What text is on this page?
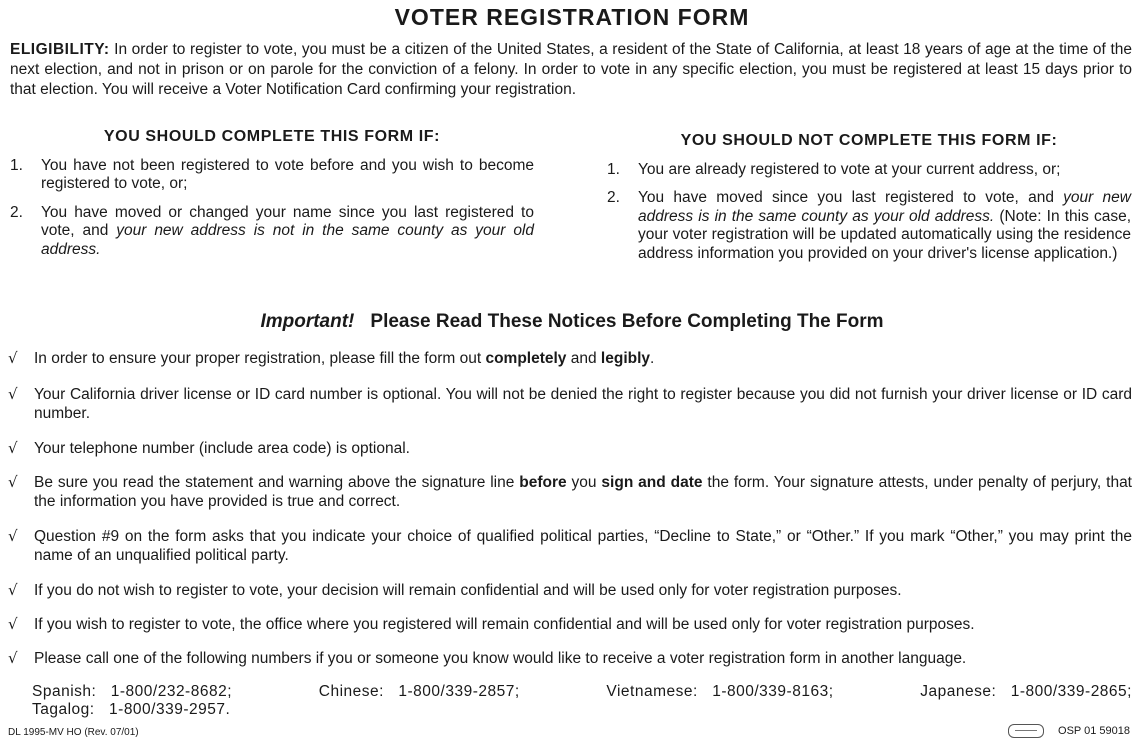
VOTER REGISTRATION FORM
ELIGIBILITY: In order to register to vote, you must be a citizen of the United States, a resident of the State of California, at least 18 years of age at the time of the next election, and not in prison or on parole for the conviction of a felony. In order to vote in any specific election, you must be registered at least 15 days prior to that election. You will receive a Voter Notification Card confirming your registration.
YOU SHOULD COMPLETE THIS FORM IF:
1.	You have not been registered to vote before and you wish to become registered to vote, or;
2.	You have moved or changed your name since you last registered to vote, and your new address is not in the same county as your old address.
YOU SHOULD NOT COMPLETE THIS FORM IF:
1.	You are already registered to vote at your current address, or;
2.	You have moved since you last registered to vote, and your new address is in the same county as your old address. (Note: In this case, your voter registration will be updated automatically using the residence address information you provided on your driver's license application.)
Important! Please Read These Notices Before Completing The Form
√	In order to ensure your proper registration, please fill the form out completely and legibly.
√	Your California driver license or ID card number is optional. You will not be denied the right to register because you did not furnish your driver license or ID card number.
√	Your telephone number (include area code) is optional.
√	Be sure you read the statement and warning above the signature line before you sign and date the form. Your signature attests, under penalty of perjury, that the information you have provided is true and correct.
√	Question #9 on the form asks that you indicate your choice of qualified political parties, “Decline to State,” or “Other.” If you mark “Other,” you may print the name of an unqualified political party.
√	If you do not wish to register to vote, your decision will remain confidential and will be used only for voter registration purposes.
√	If you wish to register to vote, the office where you registered will remain confidential and will be used only for voter registration purposes.
√	Please call one of the following numbers if you or someone you know would like to receive a voter registration form in another language.
Spanish: 1-800/232-8682;	Chinese: 1-800/339-2857;	Vietnamese: 1-800/339-8163;	Japanese: 1-800/339-2865;
Tagalog: 1-800/339-2957.
DL 1995-MV HO (Rev. 07/01)	OSP 01 59018
